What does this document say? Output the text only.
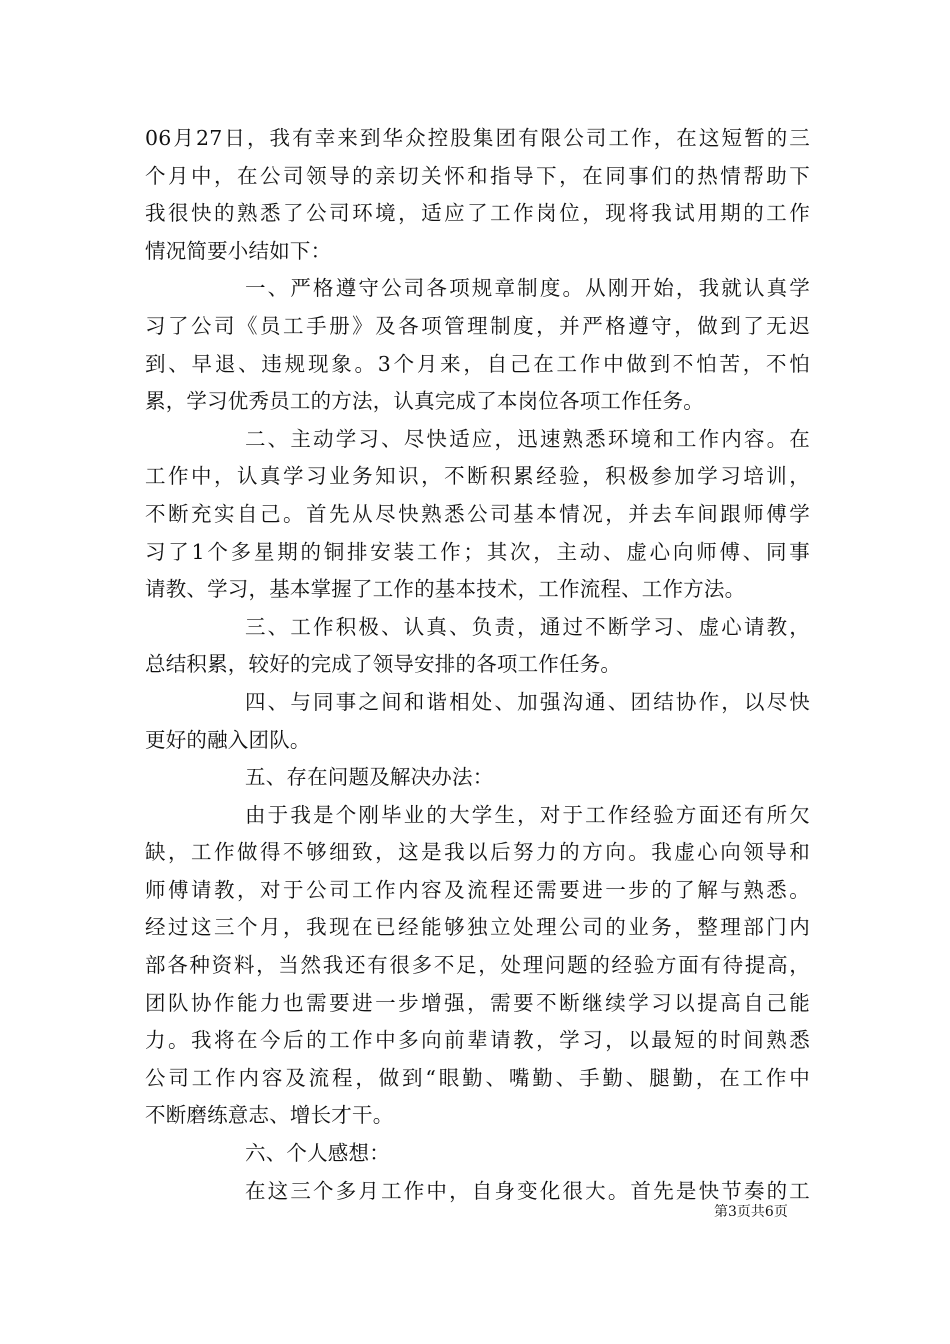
06月27日，我有幸来到华众控股集团有限公司工作，在这短暂的三
个月中，在公司领导的亲切关怀和指导下，在同事们的热情帮助下
我很快的熟悉了公司环境，适应了工作岗位，现将我试用期的工作
情况简要小结如下：
一、严格遵守公司各项规章制度。从刚开始，我就认真学
习了公司《员工手册》及各项管理制度，并严格遵守，做到了无迟
到、早退、违规现象。3个月来，自己在工作中做到不怕苦，不怕
累，学习优秀员工的方法，认真完成了本岗位各项工作任务。
二、主动学习、尽快适应，迅速熟悉环境和工作内容。在
工作中，认真学习业务知识，不断积累经验，积极参加学习培训，
不断充实自己。首先从尽快熟悉公司基本情况，并去车间跟师傅学
习了1个多星期的铜排安装工作；其次，主动、虚心向师傅、同事
请教、学习，基本掌握了工作的基本技术，工作流程、工作方法。
三、工作积极、认真、负责，通过不断学习、虚心请教，
总结积累，较好的完成了领导安排的各项工作任务。
四、与同事之间和谐相处、加强沟通、团结协作，以尽快
更好的融入团队。
五、存在问题及解决办法：
由于我是个刚毕业的大学生，对于工作经验方面还有所欠
缺，工作做得不够细致，这是我以后努力的方向。我虚心向领导和
师傅请教，对于公司工作内容及流程还需要进一步的了解与熟悉。
经过这三个月，我现在已经能够独立处理公司的业务，整理部门内
部各种资料，当然我还有很多不足，处理问题的经验方面有待提高，
团队协作能力也需要进一步增强，需要不断继续学习以提高自己能
力。我将在今后的工作中多向前辈请教，学习，以最短的时间熟悉
公司工作内容及流程，做到“眼勤、嘴勤、手勤、腿勤，在工作中
不断磨练意志、增长才干。
六、个人感想：
在这三个多月工作中，自身变化很大。首先是快节奏的工
第3页共6页
